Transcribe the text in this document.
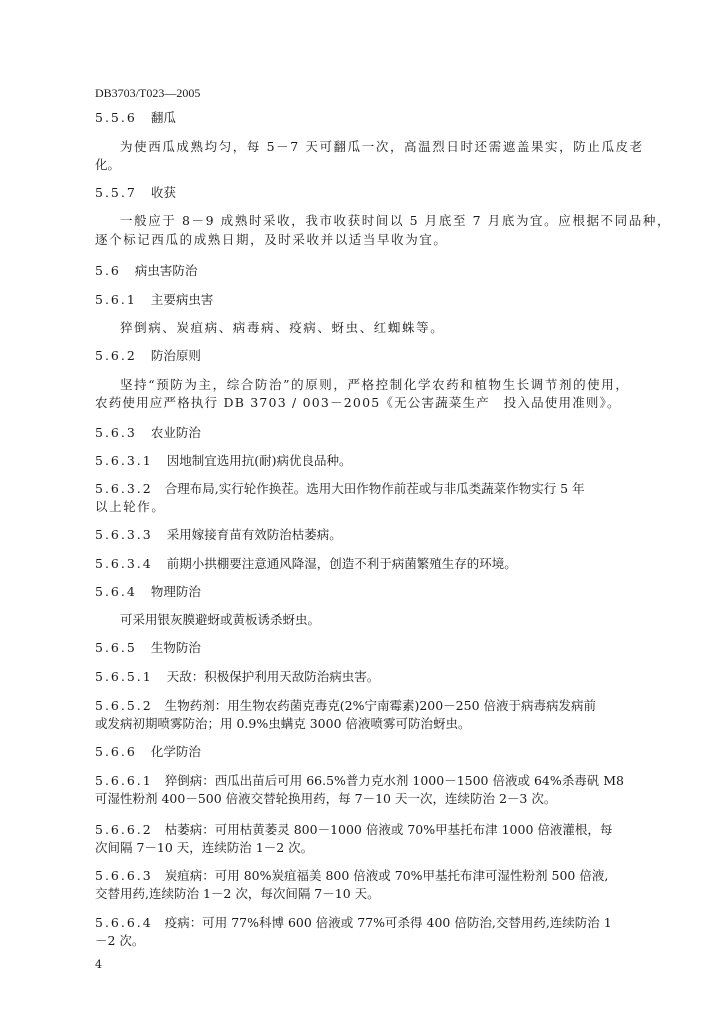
DB3703/T023—2005
5.5.6 翻瓜
为使西瓜成熟均匀，每 5－7 天可翻瓜一次，高温烈日时还需遮盖果实，防止瓜皮老
化。
5.5.7 收获
一般应于 8－9 成熟时采收，我市收获时间以 5 月底至 7 月底为宜。应根据不同品种，
逐个标记西瓜的成熟日期，及时采收并以适当早收为宜。
5.6 病虫害防治
5.6.1 主要病虫害
猝倒病、炭疽病、病毒病、疫病、蚜虫、红蜘蛛等。
5.6.2 防治原则
坚持“预防为主，综合防治”的原则，严格控制化学农药和植物生长调节剂的使用，
农药使用应严格执行 DB 3703 / 003－2005《无公害蔬菜生产　投入品使用准则》。
5.6.3 农业防治
5.6.3.1 因地制宜选用抗(耐)病优良品种。
5.6.3.2 合理布局,实行轮作换茬。选用大田作物作前茬或与非瓜类蔬菜作物实行 5 年
以上轮作。
5.6.3.3 采用嫁接育苗有效防治枯萎病。
5.6.3.4 前期小拱棚要注意通风降湿，创造不利于病菌繁殖生存的环境。
5.6.4 物理防治
可采用银灰膜避蚜或黄板诱杀蚜虫。
5.6.5 生物防治
5.6.5.1 天敌：积极保护利用天敌防治病虫害。
5.6.5.2 生物药剂：用生物农药菌克毒克(2%宁南霉素)200－250 倍液于病毒病发病前
或发病初期喷雾防治；用 0.9%虫螨克 3000 倍液喷雾可防治蚜虫。
5.6.6 化学防治
5.6.6.1 猝倒病：西瓜出苗后可用 66.5%普力克水剂 1000－1500 倍液或 64%杀毒矾 M8
可湿性粉剂 400－500 倍液交替轮换用药，每 7－10 天一次，连续防治 2－3 次。
5.6.6.2 枯萎病：可用枯黄萎灵 800－1000 倍液或 70%甲基托布津 1000 倍液灌根，每
次间隔 7－10 天，连续防治 1－2 次。
5.6.6.3 炭疽病：可用 80%炭疽福美 800 倍液或 70%甲基托布津可湿性粉剂 500 倍液,
交替用药,连续防治 1－2 次，每次间隔 7－10 天。
5.6.6.4 疫病：可用 77%科博 600 倍液或 77%可杀得 400 倍防治,交替用药,连续防治 1
－2 次。
4
